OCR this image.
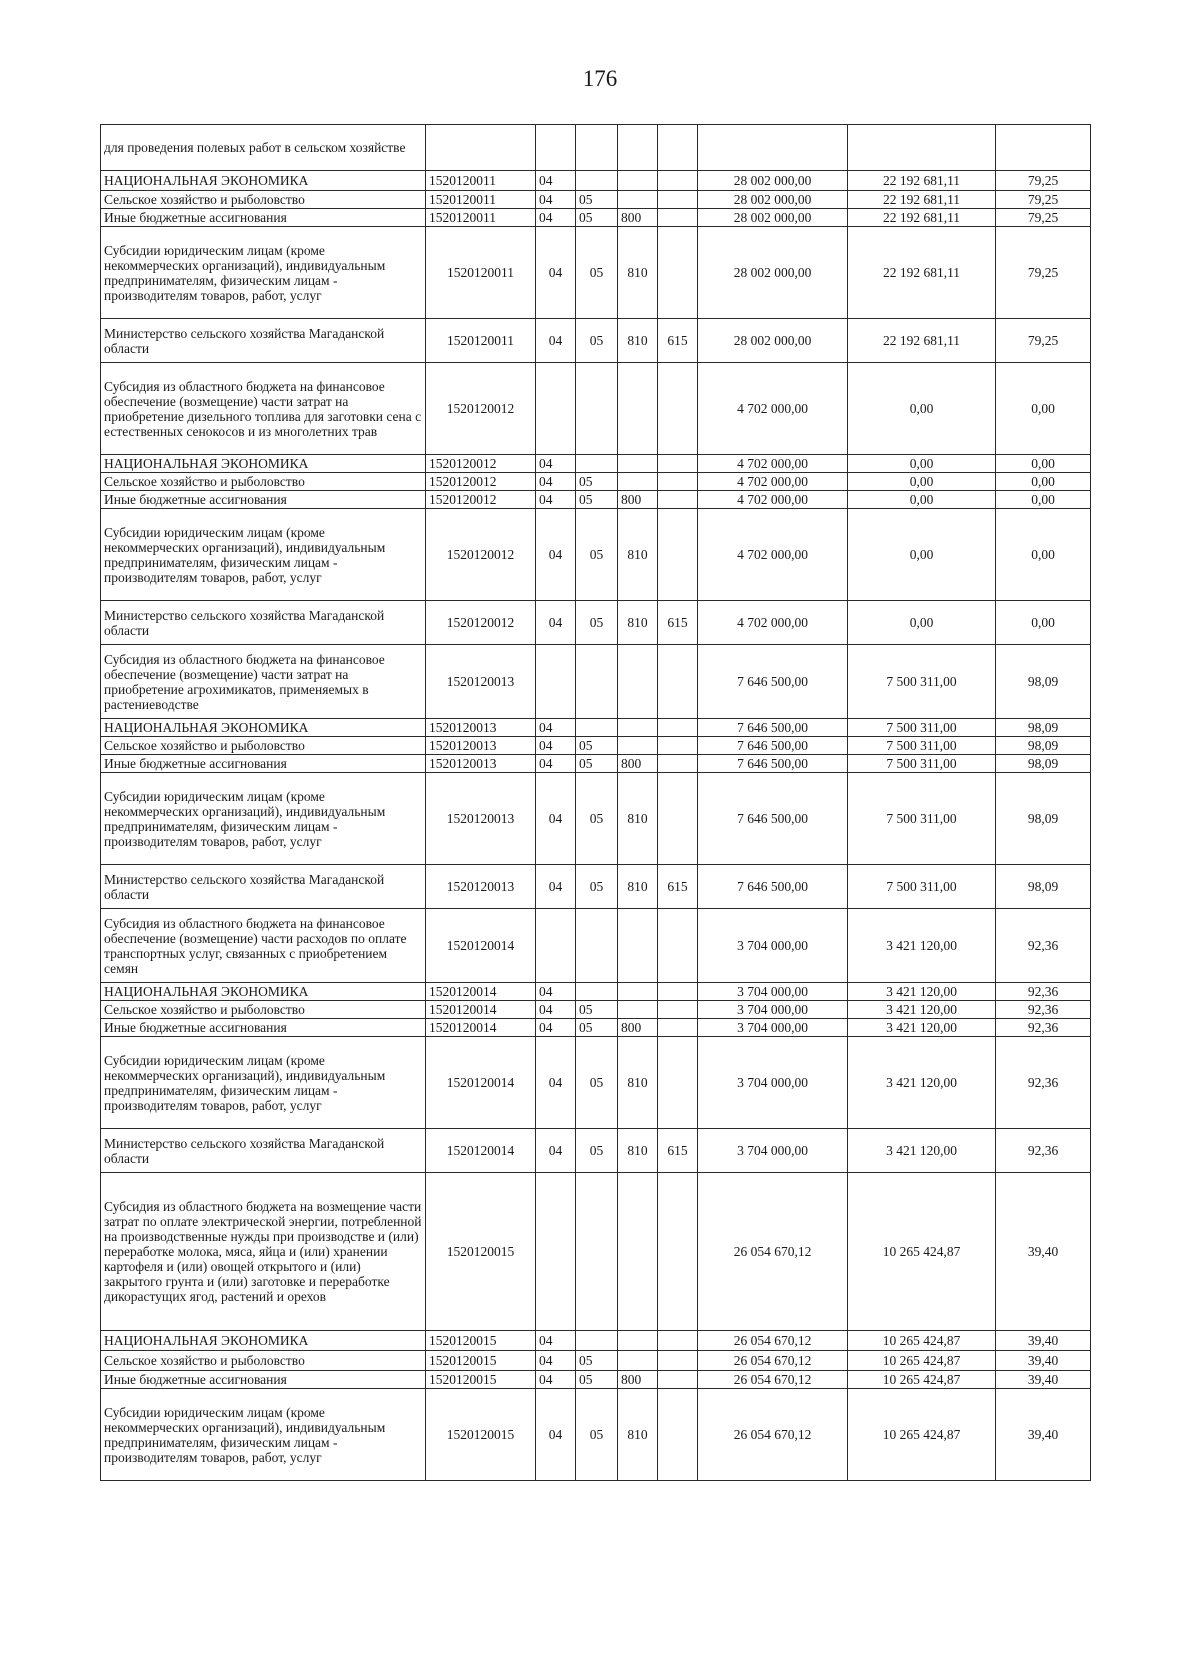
176
для проведения полевых работ в сельском хозяйстве								
НАЦИОНАЛЬНАЯ ЭКОНОМИКА	1520120011	04				28 002 000,00	22 192 681,11	79,25
Сельское хозяйство и рыболовство	1520120011	04	05			28 002 000,00	22 192 681,11	79,25
Иные бюджетные ассигнования	1520120011	04	05	800		28 002 000,00	22 192 681,11	79,25
Субсидии юридическим лицам (кроме некоммерческих организаций), индивидуальным предпринимателям, физическим лицам - производителям товаров, работ, услуг	1520120011	04	05	810		28 002 000,00	22 192 681,11	79,25
Министерство сельского хозяйства Магаданской области	1520120011	04	05	810	615	28 002 000,00	22 192 681,11	79,25
Субсидия из областного бюджета на финансовое обеспечение (возмещение) части затрат на приобретение дизельного топлива для заготовки сена с естественных сенокосов и из многолетних трав	1520120012					4 702 000,00	0,00	0,00
НАЦИОНАЛЬНАЯ ЭКОНОМИКА	1520120012	04				4 702 000,00	0,00	0,00
Сельское хозяйство и рыболовство	1520120012	04	05			4 702 000,00	0,00	0,00
Иные бюджетные ассигнования	1520120012	04	05	800		4 702 000,00	0,00	0,00
Субсидии юридическим лицам (кроме некоммерческих организаций), индивидуальным предпринимателям, физическим лицам - производителям товаров, работ, услуг	1520120012	04	05	810		4 702 000,00	0,00	0,00
Министерство сельского хозяйства Магаданской области	1520120012	04	05	810	615	4 702 000,00	0,00	0,00
Субсидия из областного бюджета на финансовое обеспечение (возмещение) части затрат на приобретение агрохимикатов, применяемых в растениеводстве	1520120013					7 646 500,00	7 500 311,00	98,09
НАЦИОНАЛЬНАЯ ЭКОНОМИКА	1520120013	04				7 646 500,00	7 500 311,00	98,09
Сельское хозяйство и рыболовство	1520120013	04	05			7 646 500,00	7 500 311,00	98,09
Иные бюджетные ассигнования	1520120013	04	05	800		7 646 500,00	7 500 311,00	98,09
Субсидии юридическим лицам (кроме некоммерческих организаций), индивидуальным предпринимателям, физическим лицам - производителям товаров, работ, услуг	1520120013	04	05	810		7 646 500,00	7 500 311,00	98,09
Министерство сельского хозяйства Магаданской области	1520120013	04	05	810	615	7 646 500,00	7 500 311,00	98,09
Субсидия из областного бюджета на финансовое обеспечение (возмещение) части расходов по оплате транспортных услуг, связанных с приобретением семян	1520120014					3 704 000,00	3 421 120,00	92,36
НАЦИОНАЛЬНАЯ ЭКОНОМИКА	1520120014	04				3 704 000,00	3 421 120,00	92,36
Сельское хозяйство и рыболовство	1520120014	04	05			3 704 000,00	3 421 120,00	92,36
Иные бюджетные ассигнования	1520120014	04	05	800		3 704 000,00	3 421 120,00	92,36
Субсидии юридическим лицам (кроме некоммерческих организаций), индивидуальным предпринимателям, физическим лицам - производителям товаров, работ, услуг	1520120014	04	05	810		3 704 000,00	3 421 120,00	92,36
Министерство сельского хозяйства Магаданской области	1520120014	04	05	810	615	3 704 000,00	3 421 120,00	92,36
Субсидия из областного бюджета на возмещение части затрат по оплате электрической энергии, потребленной на производственные нужды при производстве и (или) переработке молока, мяса, яйца и (или) хранении картофеля и (или) овощей открытого и (или) закрытого грунта и (или) заготовке и переработке дикорастущих ягод, растений и орехов	1520120015					26 054 670,12	10 265 424,87	39,40
НАЦИОНАЛЬНАЯ ЭКОНОМИКА	1520120015	04				26 054 670,12	10 265 424,87	39,40
Сельское хозяйство и рыболовство	1520120015	04	05			26 054 670,12	10 265 424,87	39,40
Иные бюджетные ассигнования	1520120015	04	05	800		26 054 670,12	10 265 424,87	39,40
Субсидии юридическим лицам (кроме некоммерческих организаций), индивидуальным предпринимателям, физическим лицам - производителям товаров, работ, услуг	1520120015	04	05	810		26 054 670,12	10 265 424,87	39,40
